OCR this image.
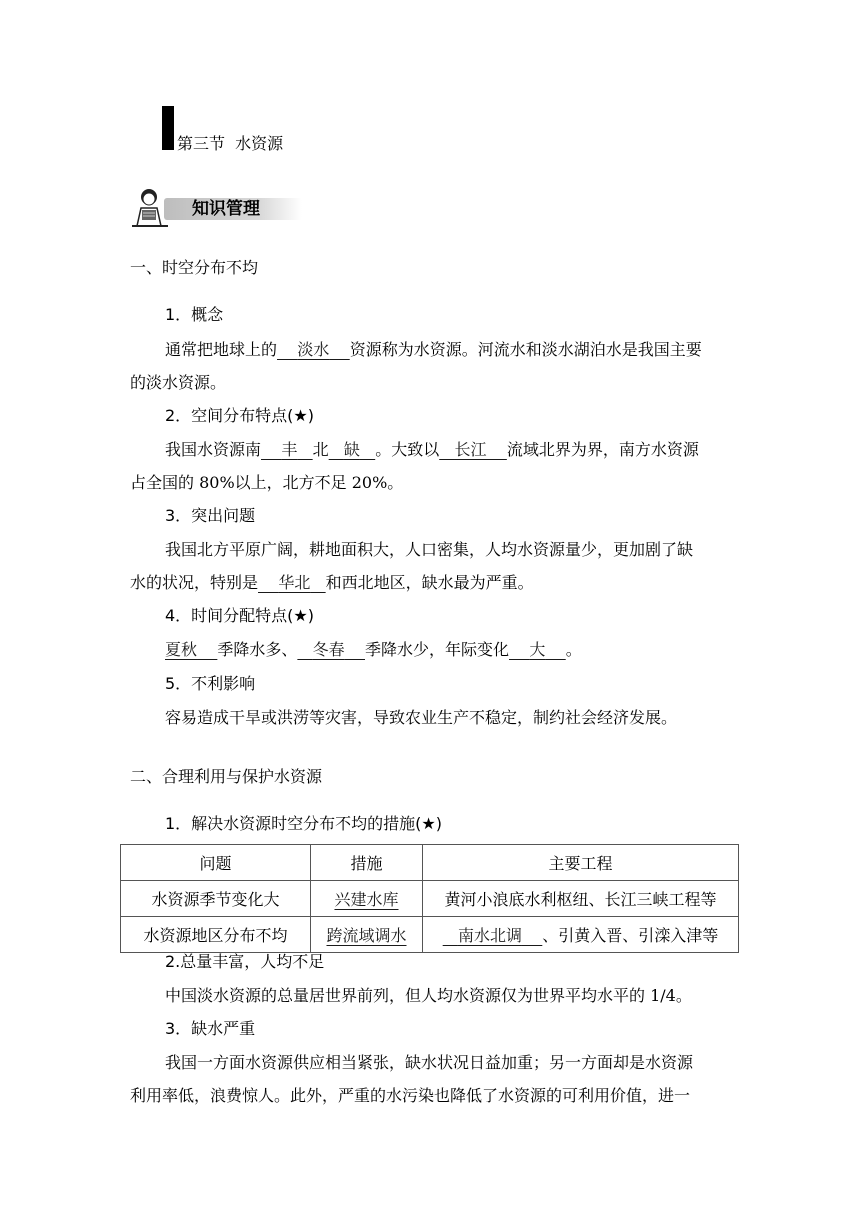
第三节  水资源
知识管理
一、时空分布不均
1．概念
通常把地球上的 淡水 资源称为水资源。河流水和淡水湖泊水是我国主要
的淡水资源。
2．空间分布特点(★)
我国水资源南 丰 北 缺 。大致以 长江 流域北界为界，南方水资源
占全国的 80%以上，北方不足 20%。
3．突出问题
我国北方平原广阔，耕地面积大，人口密集，人均水资源量少，更加剧了缺
水的状况，特别是 华北 和西北地区，缺水最为严重。
4．时间分配特点(★)
夏秋 季降水多、 冬春 季降水少，年际变化 大 。
5．不利影响
容易造成干旱或洪涝等灾害，导致农业生产不稳定，制约社会经济发展。
二、合理利用与保护水资源
1．解决水资源时空分布不均的措施(★)
问题	措施	主要工程
水资源季节变化大	兴建水库	黄河小浪底水利枢纽、长江三峡工程等
水资源地区分布不均	跨流域调水	南水北调 、引黄入晋、引滦入津等
2.总量丰富，人均不足
中国淡水资源的总量居世界前列，但人均水资源仅为世界平均水平的 1/4。
3．缺水严重
我国一方面水资源供应相当紧张，缺水状况日益加重；另一方面却是水资源
利用率低，浪费惊人。此外，严重的水污染也降低了水资源的可利用价值，进一
